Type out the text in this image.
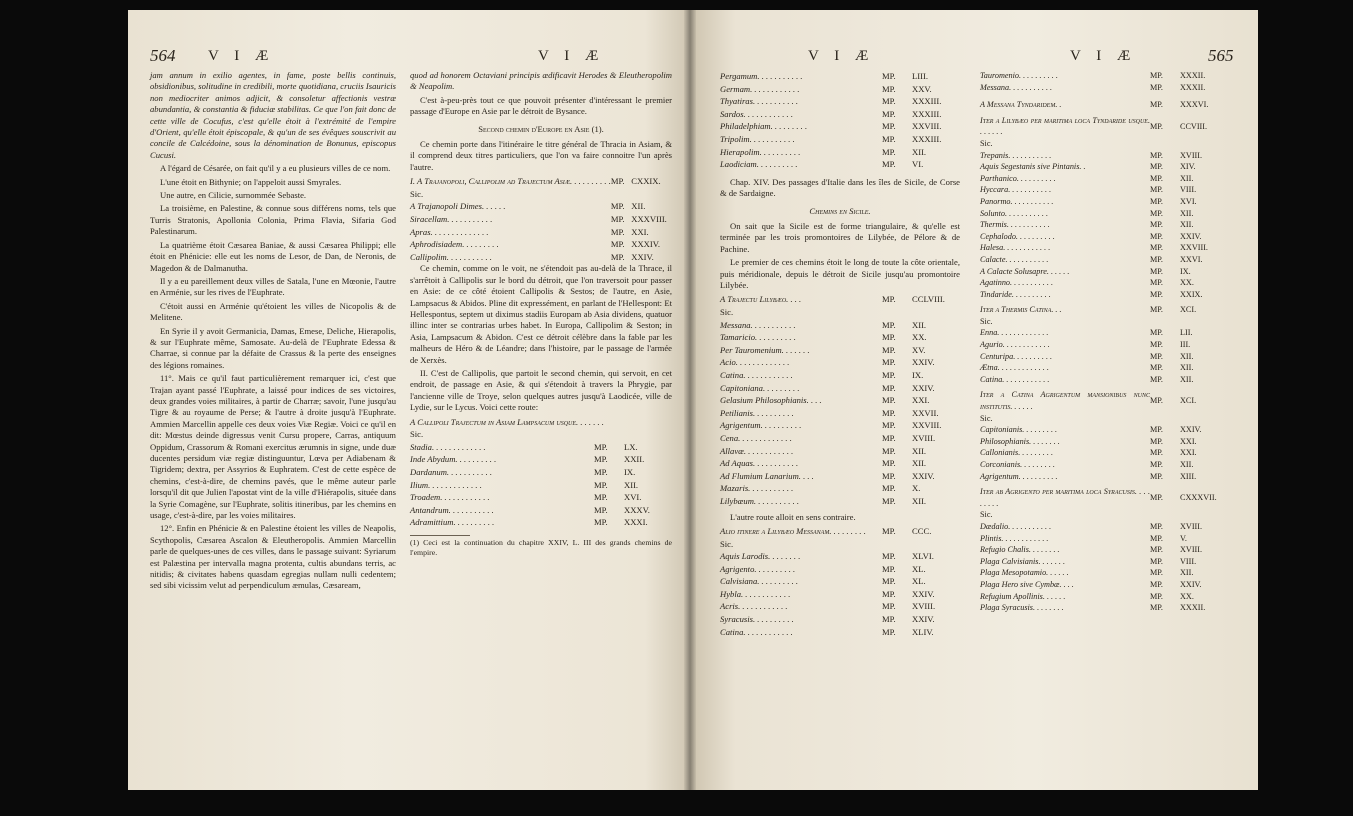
564 V I Æ	V I Æ

jam annum in exilio agentes, in fame, poste bellis continuis, obsidionibus, solitudine in credibili, morte quotidiana, cruciis Isauricis non mediocriter animos adjicit, & consoletur affectionis vestræ abundantia, & constantia & fiduciæ stabilitas. Ce que l'on fait donc de cette ville de Cocufus, c'est qu'elle étoit à l'extrémité de l'empire d'Orient, qu'elle étoit épiscopale, & qu'un de ses évêques souscrivit au concile de Calcédoine, sous la dénomination de Bonunus, episcopus Cucusi.

A l'égard de Césarée, on fait qu'il y a eu plusieurs villes de ce nom.

L'une étoit en Bithynie; on l'appeloit aussi Smyrales.

Une autre, en Cilicie, surnommée Sebaste.

La troisième, en Palestine, & connue sous différens noms, tels que Turris Stratonis, Apollonia Colonia, Prima Flavia, Sifaria God Palestinarum.

La quatrième étoit Cæsarea Baniae, & aussi Cæsarea Philippi; elle étoit en Phénicie: elle eut les noms de Lesor, de Dan, de Neronis, de Magedon & de Dalmanutha.

Il y a eu pareillement deux villes de Satala, l'une en Mœonie, l'autre en Arménie, sur les rives de l'Euphrate.

C'étoit aussi en Arménie qu'étoient les villes de Nicopolis & de Melitene.

En Syrie il y avoit Germanicia, Damas, Emese, Deliche, Hierapolis, & sur l'Euphrate même, Samosate. Au-delà de l'Euphrate Edessa & Charrae, si connue par la défaite de Crassus & la perte des enseignes des légions romaines.

11°. Mais ce qu'il faut particulièrement remarquer ici, c'est que Trajan ayant passé l'Euphrate, a laissé pour indices de ses victoires, deux grandes voies militaires, à partir de Charræ; savoir, l'une jusqu'au Tigre & au royaume de Perse; & l'autre à droite jusqu'à l'Euphrate. Ammien Marcellin appelle ces deux voies Viæ Regiæ. Voici ce qu'il en dit: Mœstus deinde digressus venit Cursu propere, Carras, antiquum Oppidum, Crassorum & Romani exercitus ærumnis in signe, unde duæ ducentes persidum viæ regiæ distinguuntur, Lœva per Adiabenam & Tigridem; dextra, per Assyrios & Euphratem. C'est de cette espèce de chemins, c'est-à-dire, de chemins pavés, que le même auteur parle lorsqu'il dit que Julien l'apostat vint de la ville d'Hiérapolis, située dans la Syrie Comagène, sur l'Euphrate, solitis itineribus, par les chemins en usage, c'est-à-dire, par les voies militaires.

12°. Enfin en Phénicie & en Palestine étoient les villes de Neapolis, Scythopolis, Cæsarea Ascalon & Eleutheropolis. Ammien Marcellin parle de quelques-unes de ces villes, dans le passage suivant: Syriarum est Palæstina per intervalla magna protenta, cultis abundans terris, ac nitidis; & civitates habens quasdam egregias nullam nulli cedentem; sed sibi vicissim velut ad perpendiculum æmulas, Cæsaream,

quod ad honorem Octaviani principis ædificavit Herodes & Eleutheropolim & Neapolim.

C'est à-peu-près tout ce que pouvoit présenter d'intéressant le premier passage d'Europe en Asie par le détroit de Bysance.

Second chemin d'Europe en Asie (1).

Ce chemin porte dans l'itinéraire le titre général de Thracia in Asiam, & il comprend deux titres particuliers, que l'on va faire connoitre l'un après l'autre.

I. A Trajanopoli, Callipolim ad Trajectum Asiæ. . . . . . . . . .	MP.	CXXIX.
Sic.		
A Trajanopoli Dimes. . . . . .	MP.	XII.
Siracellam. . . . . . . . . . .	MP.	XXXVIII.
Apras. . . . . . . . . . . . . .	MP.	XXI.
Aphrodisiadem. . . . . . . . .	MP.	XXXIV.
Callipolim. . . . . . . . . . .	MP.	XXIV.

Ce chemin, comme on le voit, ne s'étendoit pas au-delà de la Thrace, il s'arrêtoit à Callipolis sur le bord du détroit, que l'on traversoit pour passer en Asie: de ce côté étoient Callipolis & Sestos; de l'autre, en Asie, Lampsacus & Abidos. Pline dit expressément, en parlant de l'Hellespont: Et Hellespontus, septem ut diximus stadiis Europam ab Asia dividens, quatuor illinc inter se contrarias urbes habet. In Europa, Callipolim & Seston; in Asia, Lampsacum & Abidon. C'est ce détroit célèbre dans la fable par les malheurs de Héro & de Léandre; dans l'histoire, par le passage de l'armée de Xerxès.

II. C'est de Callipolis, que partoit le second chemin, qui servoit, en cet endroit, de passage en Asie, & qui s'étendoit à travers la Phrygie, par l'ancienne ville de Troye, selon quelques autres jusqu'à Laodicée, ville de Lydie, sur le Lycus. Voici cette route:

A Callipoli Trajectum in Asiam Lampsacum usque. . . . . . .		
Sic.		
Stadia. . . . . . . . . . . . .	MP.	LX.
Inde Abydum. . . . . . . . . .	MP.	XXII.
Dardanum. . . . . . . . . . .	MP.	IX.
Ilium. . . . . . . . . . . . .	MP.	XII.
Troadem. . . . . . . . . . . .	MP.	XVI.
Antandrum. . . . . . . . . . .	MP.	XXXV.
Adramittium. . . . . . . . . .	MP.	XXXI.
(1) Ceci est la continuation du chapitre XXIV, L. III des grands chemins de l'empire.
V I Æ	V I Æ	565
Pergamum. . . . . . . . . . .	MP.	LIII.
Germam. . . . . . . . . . . .	MP.	XXV.
Thyatiras. . . . . . . . . . .	MP.	XXXIII.
Sardos. . . . . . . . . . . .	MP.	XXXIII.
Philadelphiam. . . . . . . . .	MP.	XXVIII.
Tripolim. . . . . . . . . . .	MP.	XXXIII.
Hierapolim. . . . . . . . . .	MP.	XII.
Laodiciam. . . . . . . . . .	MP.	VI.

Chap. XIV. Des passages d'Italie dans les îles de Sicile, de Corse & de Sardaigne.

Chemins en Sicile.

On sait que la Sicile est de forme triangulaire, & qu'elle est terminée par les trois promontoires de Lilybée, de Pélore & de Pachine.

Le premier de ces chemins étoit le long de toute la côte orientale, puis méridionale, depuis le détroit de Sicile jusqu'au promontoire Lilybée.

A Trajectu Lilybæo. . . .	MP.	CCLVIII.
Sic.		
Messana. . . . . . . . . . .	MP.	XII.
Tamaricio. . . . . . . . . .	MP.	XX.
Per Tauromenium. . . . . . .	MP.	XV.
Acio. . . . . . . . . . . . .	MP.	XXIV.
Catina. . . . . . . . . . . .	MP.	IX.
Capitoniana. . . . . . . . .	MP.	XXIV.
Gelasium Philosophianis. . . .	MP.	XXI.
Petilianis. . . . . . . . . .	MP.	XXVII.
Agrigentum. . . . . . . . . .	MP.	XXVIII.
Cena. . . . . . . . . . . . .	MP.	XVIII.
Allavæ. . . . . . . . . . . .	MP.	XII.
Ad Aquas. . . . . . . . . . .	MP.	XII.
Ad Flumium Lanarium. . . .	MP.	XXIV.
Mazaris. . . . . . . . . . .	MP.	X.
Lilybæum. . . . . . . . . . .	MP.	XII.

L'autre route alloit en sens contraire.

Alio itinere a Lilybæo Messanam. . . . . . . . .	MP.	CCC.
Sic.		
Aquis Larodis. . . . . . . .	MP.	XLVI.
Agrigento. . . . . . . . . .	MP.	XL.
Calvisiana. . . . . . . . . .	MP.	XL.
Hybla. . . . . . . . . . . .	MP.	XXIV.
Acris. . . . . . . . . . . .	MP.	XVIII.
Syracusis. . . . . . . . . .	MP.	XXIV.
Catina. . . . . . . . . . . .	MP.	XLIV.
Tauromenio. . . . . . . . . .	MP.	XXXII.
Messana. . . . . . . . . . .	MP.	XXXII.
A Messana Tyndaridem. .	MP.	XXXVI.
Iter a Lilybæo per maritima loca Tyndaride usque. . . . . . .	MP.	CCVIII.
Sic.		
Trepanis. . . . . . . . . . .	MP.	XVIII.
Aquis Segestanis sive Pintanis. .	MP.	XIV.
Parthanico. . . . . . . . . .	MP.	XII.
Hyccara. . . . . . . . . . .	MP.	VIII.
Panormo. . . . . . . . . . .	MP.	XVI.
Solunto. . . . . . . . . . .	MP.	XII.
Thermis. . . . . . . . . . .	MP.	XII.
Cephalodo. . . . . . . . . .	MP.	XXIV.
Halesa. . . . . . . . . . . .	MP.	XXVIII.
Calacte. . . . . . . . . . .	MP.	XXVI.
A Calacte Solusapre. . . . . .	MP.	IX.
Agatinno. . . . . . . . . . .	MP.	XX.
Tindaride. . . . . . . . . .	MP.	XXIX.
Iter a Thermis Catina. . .	MP.	XCI.
Sic.		
Enna. . . . . . . . . . . . .	MP.	LII.
Agurio. . . . . . . . . . . .	MP.	III.
Centuripa. . . . . . . . . .	MP.	XII.
Ætna. . . . . . . . . . . . .	MP.	XII.
Catina. . . . . . . . . . . .	MP.	XII.
Iter a Catina Agrigentum mansionibus nunc institutis. . . . . .	MP.	XCI.
Sic.		
Capitonianis. . . . . . . . .	MP.	XXIV.
Philosophianis. . . . . . . .	MP.	XXI.
Callonianis. . . . . . . . .	MP.	XXI.
Corconianis. . . . . . . . .	MP.	XII.
Agrigentum. . . . . . . . . .	MP.	XIII.
Iter ab Agrigento per maritima loca Syracusis. . . . . . . . .	MP.	CXXXVII.
Sic.		
Dædalio. . . . . . . . . . .	MP.	XVIII.
Plintis. . . . . . . . . . . .	MP.	V.
Refugio Chalis. . . . . . . .	MP.	XVIII.
Plaga Calvisianis. . . . . . .	MP.	VIII.
Plaga Mesopotamio. . . . . .	MP.	XII.
Plaga Hero sive Cymbæ. . . .	MP.	XXIV.
Refugium Apollinis. . . . . .	MP.	XX.
Plaga Syracusis. . . . . . . .	MP.	XXXII.
